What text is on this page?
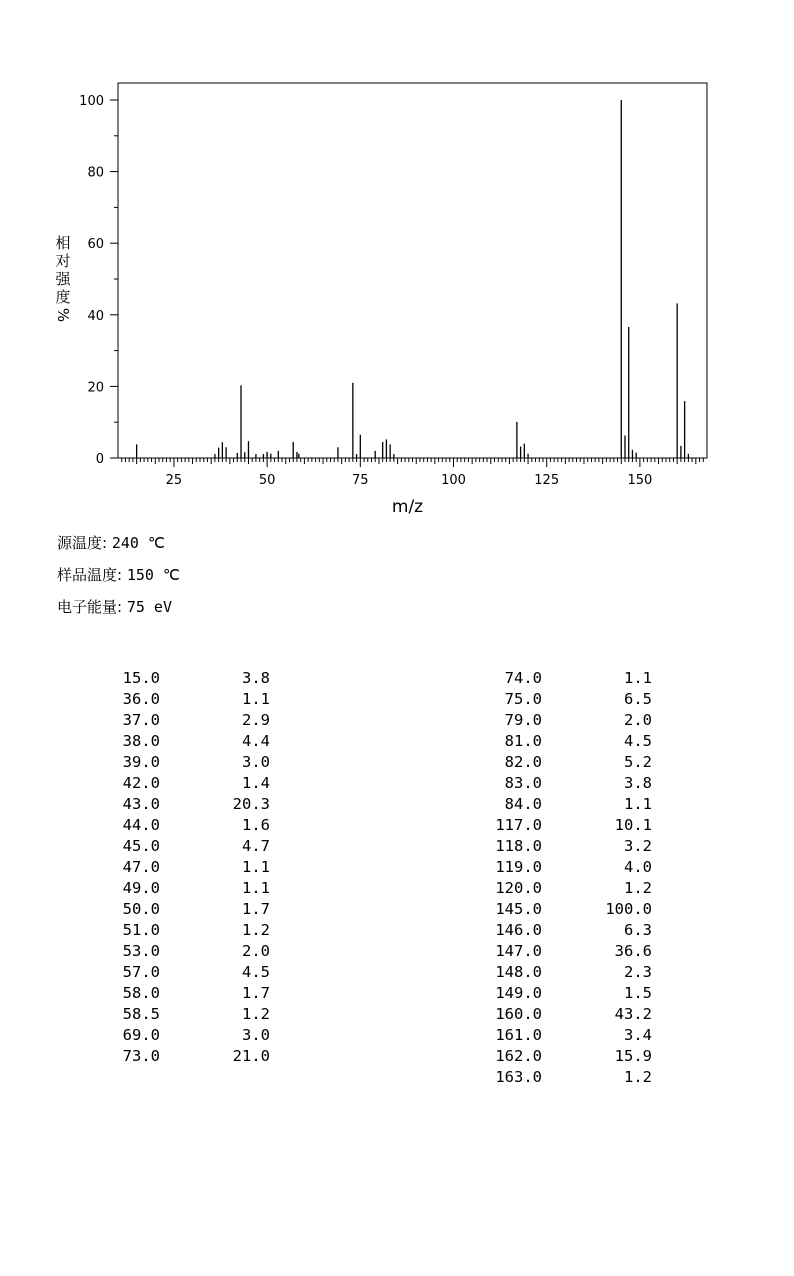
25	50	75	100	125	150
0
20
40
60
80
100
m/z
相
对
强
度
%
源温度: 240 ℃
样品温度: 150 ℃
电子能量: 75 eV
15.0	3.8
36.0	1.1
37.0	2.9
38.0	4.4
39.0	3.0
42.0	1.4
43.0	20.3
44.0	1.6
45.0	4.7
47.0	1.1
49.0	1.1
50.0	1.7
51.0	1.2
53.0	2.0
57.0	4.5
58.0	1.7
58.5	1.2
69.0	3.0
73.0	21.0
74.0	1.1
75.0	6.5
79.0	2.0
81.0	4.5
82.0	5.2
83.0	3.8
84.0	1.1
117.0	10.1
118.0	3.2
119.0	4.0
120.0	1.2
145.0	100.0
146.0	6.3
147.0	36.6
148.0	2.3
149.0	1.5
160.0	43.2
161.0	3.4
162.0	15.9
163.0	1.2
